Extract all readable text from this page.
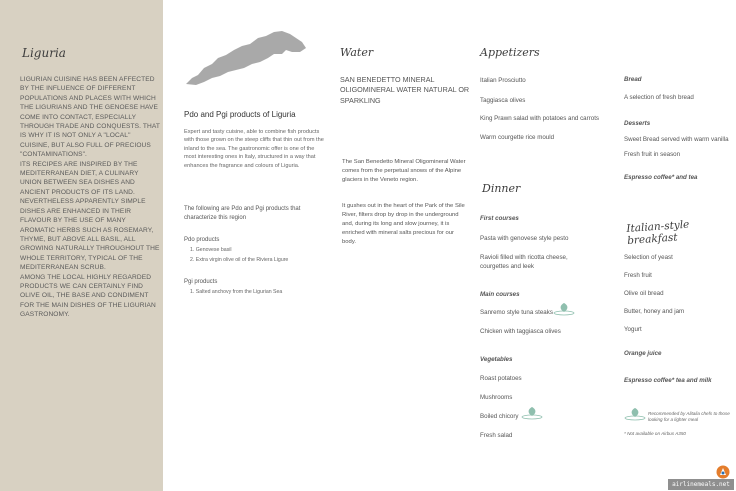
Liguria

LIGURIAN CUISINE HAS BEEN AFFECTED BY THE INFLUENCE OF DIFFERENT POPULATIONS AND PLACES WITH WHICH THE LIGURIANS AND THE GENOESE HAVE COME INTO CONTACT, ESPECIALLY THROUGH TRADE AND CONQUESTS. THAT IS WHY IT IS NOT ONLY A "LOCAL" CUISINE, BUT ALSO FULL OF PRECIOUS "CONTAMINATIONS".

ITS RECIPES ARE INSPIRED BY THE MEDITERRANEAN DIET, A CULINARY UNION BETWEEN SEA DISHES AND ANCIENT PRODUCTS OF ITS LAND. NEVERTHELESS APPARENTLY SIMPLE DISHES ARE ENHANCED IN THEIR FLAVOUR BY THE USE OF MANY AROMATIC HERBS SUCH AS ROSEMARY, THYME, BUT ABOVE ALL BASIL, ALL GROWING NATURALLY THROUGHOUT THE WHOLE TERRITORY, TYPICAL OF THE MEDITERRANEAN SCRUB.

AMONG THE LOCAL HIGHLY REGARDED PRODUCTS WE CAN CERTAINLY FIND OLIVE OIL, THE BASE AND CONDIMENT FOR THE MAIN DISHES OF THE LIGURIAN GASTRONOMY.

Pdo and Pgi products of Liguria

Expert and tasty cuisine, able to combine fish products with those grown on the steep cliffs that thin out from the inland to the sea. The gastronomic offer is one of the most interesting ones in Italy, structured in a way that enhances the fragrance and colours of Liguria.

The following are Pdo and Pgi products that characterize this region

Pdo products
1. Genovese basil
2. Extra virgin olive oil of the Riviera Ligure
Pgi products
1. Salted anchovy from the Ligurian Sea
Water

SAN BENEDETTO MINERAL OLIGOMINERAL WATER NATURAL OR SPARKLING

The San Benedetto Mineral Oligomineral Water comes from the perpetual snows of the Alpine glaciers in the Veneto region.

It gushes out in the heart of the Park of the Sile River, filters drop by drop in the underground and, during its long and slow journey, it is enriched with mineral salts precious for our body.

Appetizers
Italian Prosciutto
Taggiasca olives
King Prawn salad with potatoes and carrots
Warm courgette rice mould
Dinner
First courses
Pasta with genovese style pesto
Ravioli filled with ricotta cheese, courgettes and leek
Main courses
Sanremo style tuna steaks
Chicken with taggiasca olives
Vegetables
Roast potatoes
Mushrooms
Boiled chicory
Fresh salad
Bread
A selection of fresh bread
Desserts
Sweet Bread served with warm vanilla
Fresh fruit in season
Espresso coffee* and tea
Italian-style breakfast
Selection of yeast
Fresh fruit
Olive oil bread
Butter, honey and jam
Yogurt
Orange juice
Espresso coffee* tea and milk
Recommended by Alitalia chefs to those looking for a lighter meal
* Not available on Airbus A350
airlinemeals.net
